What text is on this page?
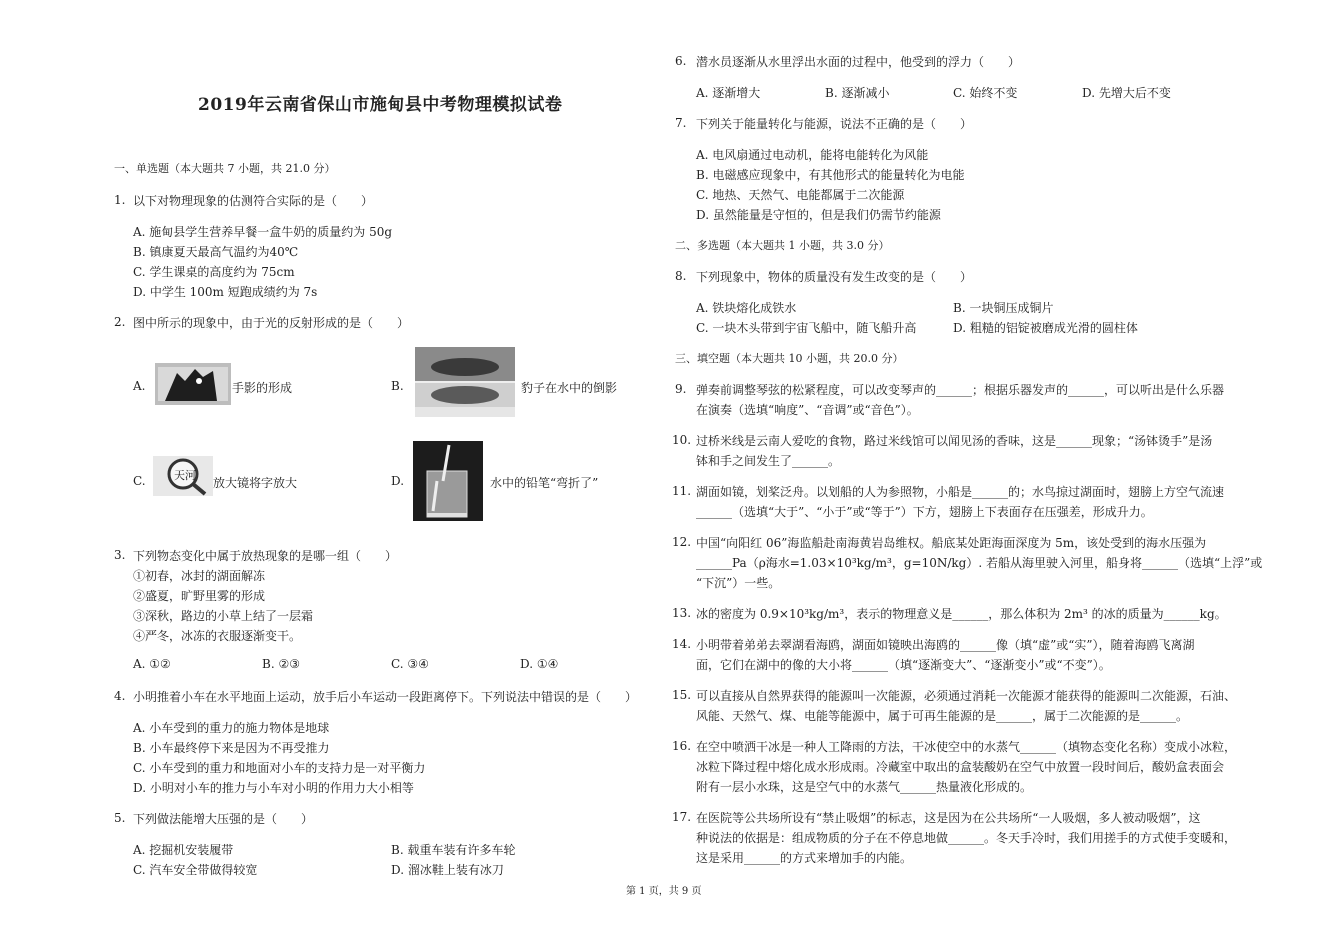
2019年云南省保山市施甸县中考物理模拟试卷
一、单选题（本大题共 7 小题，共 21.0 分）
1. 以下对物理现象的估测符合实际的是（　　）
A. 施甸县学生营养早餐一盒牛奶的质量约为 50g
B. 镇康夏天最高气温约为40℃
C. 学生课桌的高度约为 75cm
D. 中学生 100m 短跑成绩约为 7s
2. 图中所示的现象中，由于光的反射形成的是（　　）
A.	手影的形成	B.	豹子在水中的倒影
C.	天河
放大镜将字放大	D.	水中的铅笔“弯折了”
3. 下列物态变化中属于放热现象的是哪一组（　　）
①初春，冰封的湖面解冻
②盛夏，旷野里雾的形成
③深秋，路边的小草上结了一层霜
④严冬，冰冻的衣服逐渐变干。
A. ①②	B. ②③	C. ③④	D. ①④
4. 小明推着小车在水平地面上运动，放手后小车运动一段距离停下。下列说法中错误的是（　　）
A. 小车受到的重力的施力物体是地球
B. 小车最终停下来是因为不再受推力
C. 小车受到的重力和地面对小车的支持力是一对平衡力
D. 小明对小车的推力与小车对小明的作用力大小相等
5. 下列做法能增大压强的是（　　）
A. 挖掘机安装履带	B. 载重车装有许多车轮
C. 汽车安全带做得较宽	D. 溜冰鞋上装有冰刀
6. 潜水员逐渐从水里浮出水面的过程中，他受到的浮力（　　）
A. 逐渐增大	B. 逐渐减小	C. 始终不变	D. 先增大后不变
7. 下列关于能量转化与能源，说法不正确的是（　　）
A. 电风扇通过电动机，能将电能转化为风能
B. 电磁感应现象中，有其他形式的能量转化为电能
C. 地热、天然气、电能都属于二次能源
D. 虽然能量是守恒的，但是我们仍需节约能源
二、多选题（本大题共 1 小题，共 3.0 分）
8. 下列现象中，物体的质量没有发生改变的是（　　）
A. 铁块熔化成铁水	B. 一块铜压成铜片
C. 一块木头带到宇宙飞船中，随飞船升高	D. 粗糙的铝锭被磨成光滑的圆柱体
三、填空题（本大题共 10 小题，共 20.0 分）
9. 弹奏前调整琴弦的松紧程度，可以改变琴声的______；根据乐器发声的______，可以听出是什么乐器
在演奏（选填“响度”、“音调”或“音色”）。
10. 过桥米线是云南人爱吃的食物，路过米线馆可以闻见汤的香味，这是______现象；“汤钵烫手”是汤
钵和手之间发生了______。
11. 湖面如镜，划桨泛舟。以划船的人为参照物，小船是______的；水鸟掠过湖面时，翅膀上方空气流速
______（选填“大于”、“小于”或“等于”）下方，翅膀上下表面存在压强差，形成升力。
12. 中国“向阳红 06”海监船赴南海黄岩岛维权。船底某处距海面深度为 5m，该处受到的海水压强为
______Pa（ρ海水=1.03×10³kg/m³，g=10N/kg）. 若船从海里驶入河里，船身将______（选填“上浮”或
“下沉”）一些。
13. 冰的密度为 0.9×10³kg/m³，表示的物理意义是______，那么体积为 2m³ 的冰的质量为______kg。
14. 小明带着弟弟去翠湖看海鸥，湖面如镜映出海鸥的______像（填“虚”或“实”），随着海鸥飞离湖
面，它们在湖中的像的大小将______（填“逐渐变大”、“逐渐变小”或“不变”）。
15. 可以直接从自然界获得的能源叫一次能源，必须通过消耗一次能源才能获得的能源叫二次能源，石油、
风能、天然气、煤、电能等能源中，属于可再生能源的是______，属于二次能源的是______。
16. 在空中喷洒干冰是一种人工降雨的方法，干冰使空中的水蒸气______（填物态变化名称）变成小冰粒，
冰粒下降过程中熔化成水形成雨。冷藏室中取出的盒装酸奶在空气中放置一段时间后，酸奶盒表面会
附有一层小水珠，这是空气中的水蒸气______热量液化形成的。
17. 在医院等公共场所设有“禁止吸烟”的标志，这是因为在公共场所“一人吸烟，多人被动吸烟”，这
种说法的依据是：组成物质的分子在不停息地做______。冬天手冷时，我们用搓手的方式使手变暖和，
这是采用______的方式来增加手的内能。
第 1 页，共 9 页
